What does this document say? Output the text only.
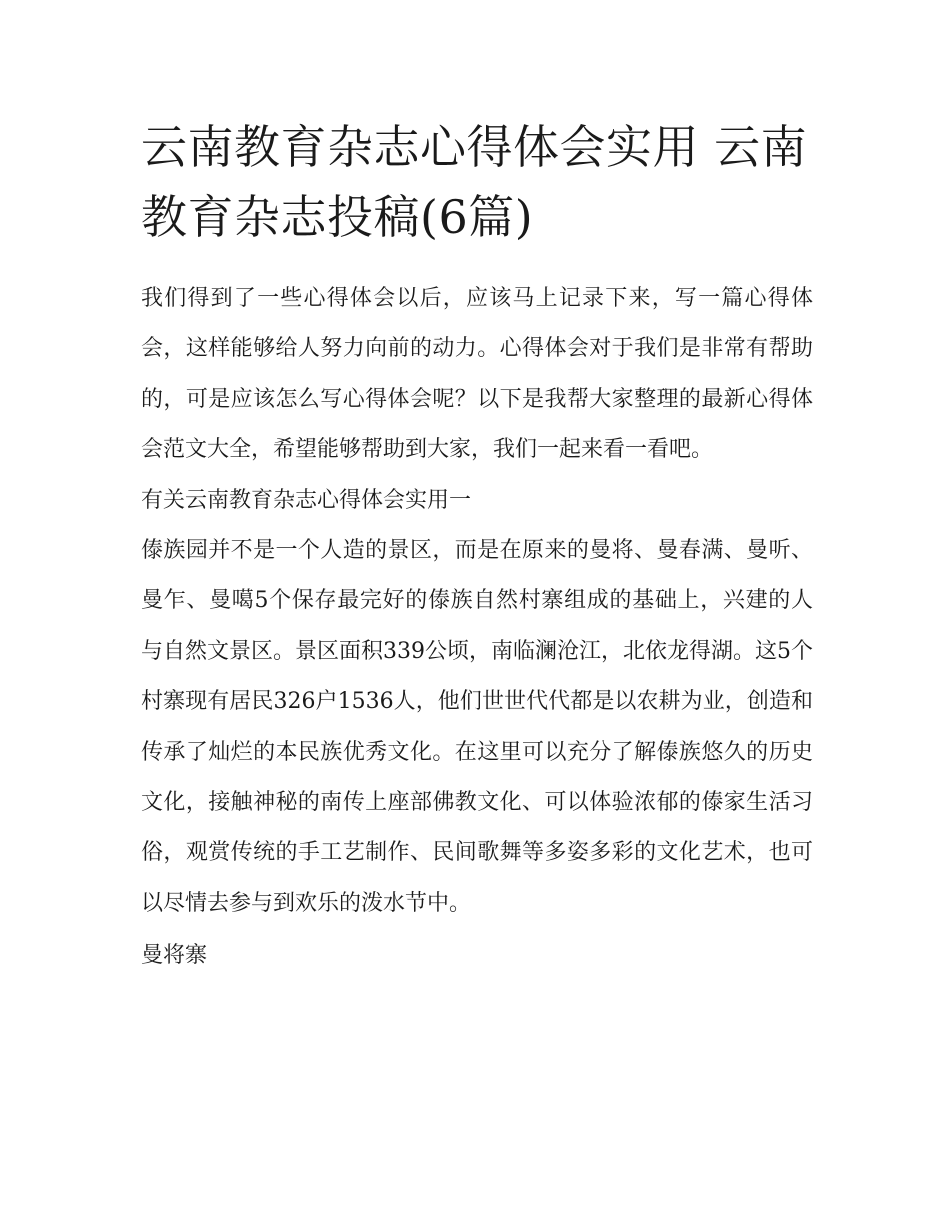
云南教育杂志心得体会实用 云南教育杂志投稿(6篇)

我们得到了一些心得体会以后，应该马上记录下来，写一篇心得体会，这样能够给人努力向前的动力。心得体会对于我们是非常有帮助的，可是应该怎么写心得体会呢？以下是我帮大家整理的最新心得体会范文大全，希望能够帮助到大家，我们一起来看一看吧。

有关云南教育杂志心得体会实用一

傣族园并不是一个人造的景区，而是在原来的曼将、曼春满、曼听、曼乍、曼噶5个保存最完好的傣族自然村寨组成的基础上，兴建的人与自然文景区。景区面积339公顷，南临澜沧江，北依龙得湖。这5个村寨现有居民326户1536人，他们世世代代都是以农耕为业，创造和传承了灿烂的本民族优秀文化。在这里可以充分了解傣族悠久的历史文化，接触神秘的南传上座部佛教文化、可以体验浓郁的傣家生活习俗，观赏传统的手工艺制作、民间歌舞等多姿多彩的文化艺术，也可以尽情去参与到欢乐的泼水节中。

曼将寨
